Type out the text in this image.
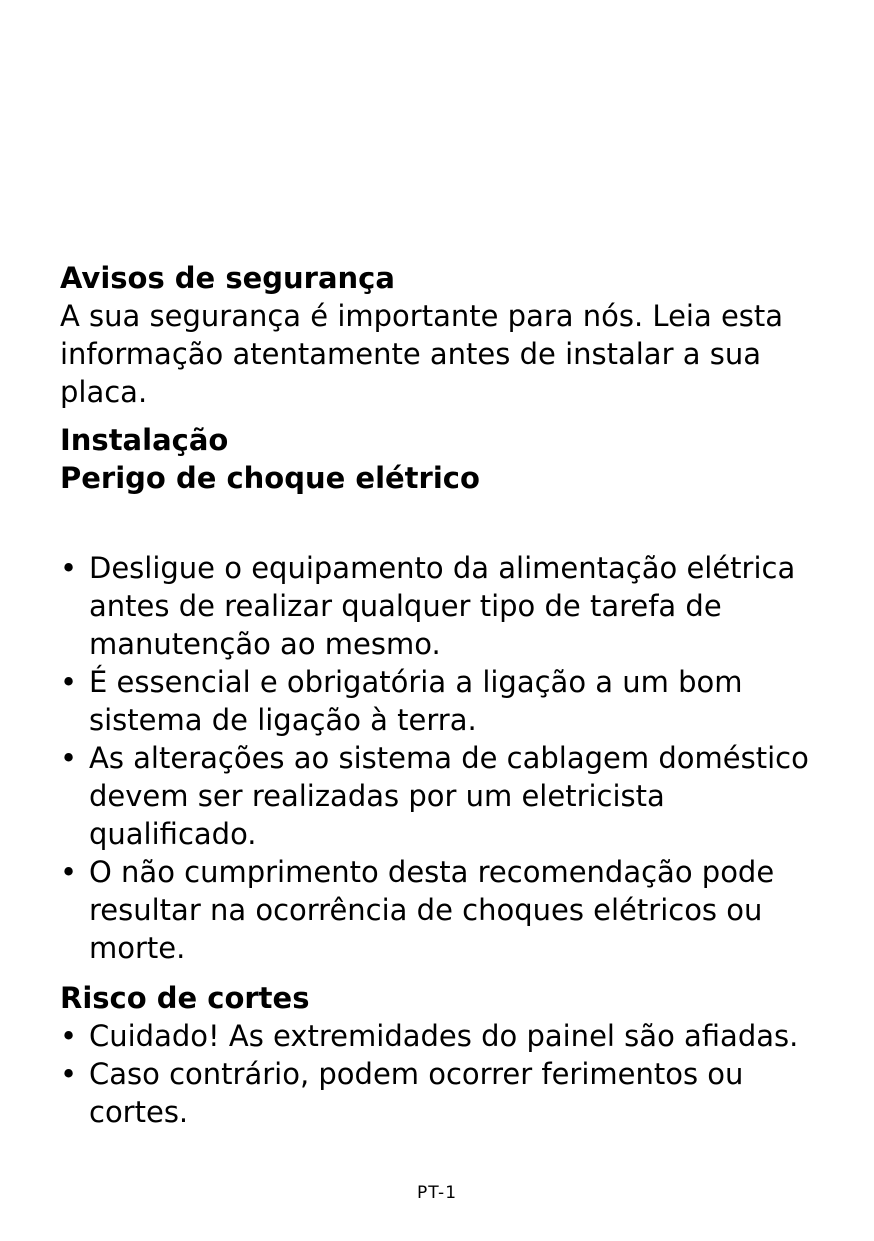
Avisos de segurança

A sua segurança é importante para nós. Leia esta informação atentamente antes de instalar a sua placa.

Instalação

Perigo de choque elétrico

• Desligue o equipamento da alimentação elétrica antes de realizar qualquer tipo de tarefa de manutenção ao mesmo.
• É essencial e obrigatória a ligação a um bom sistema de ligação à terra.
• As alterações ao sistema de cablagem doméstico devem ser realizadas por um eletricista qualificado.
• O não cumprimento desta recomendação pode resultar na ocorrência de choques elétricos ou morte.

Risco de cortes

• Cuidado! As extremidades do painel são afiadas.
• Caso contrário, podem ocorrer ferimentos ou cortes.
PT-1
